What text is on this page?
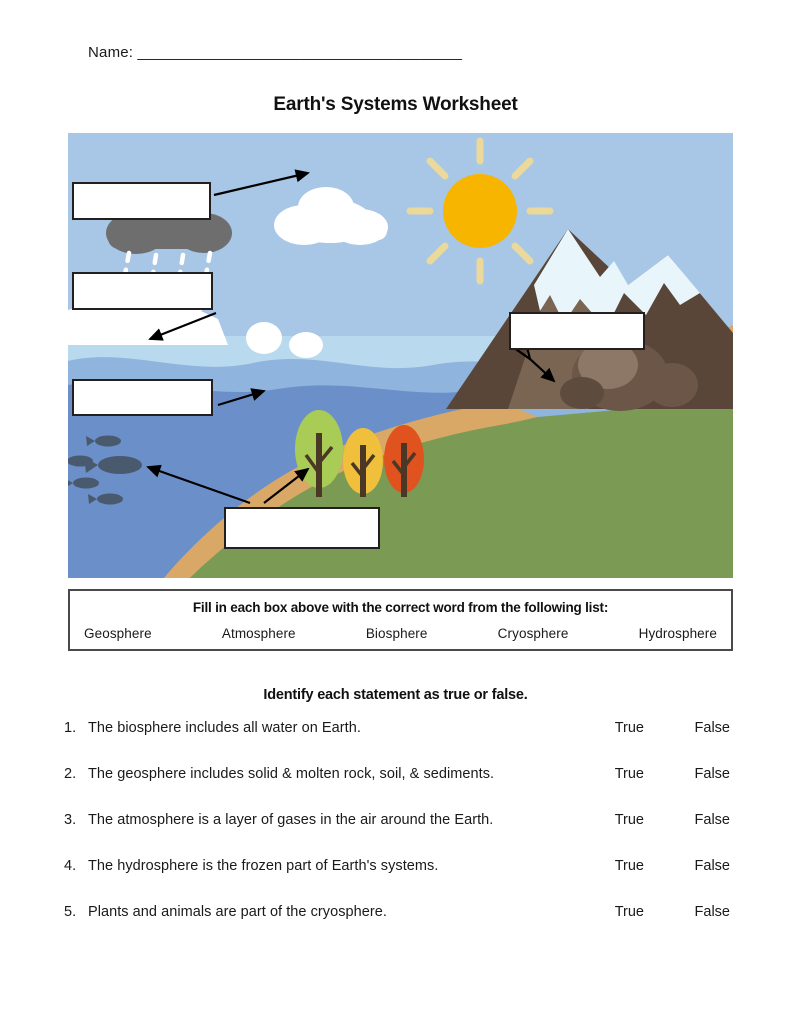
Name: ______________________________________
Earth's Systems Worksheet
Fill in each box above with the correct word from the following list:
Geosphere	Atmosphere	Biosphere	Cryosphere	Hydrosphere
Identify each statement as true or false.
1. The biosphere includes all water on Earth.	True	False
2. The geosphere includes solid & molten rock, soil, & sediments.	True	False
3. The atmosphere is a layer of gases in the air around the Earth.	True	False
4. The hydrosphere is the frozen part of Earth's systems.	True	False
5. Plants and animals are part of the cryosphere.	True	False
